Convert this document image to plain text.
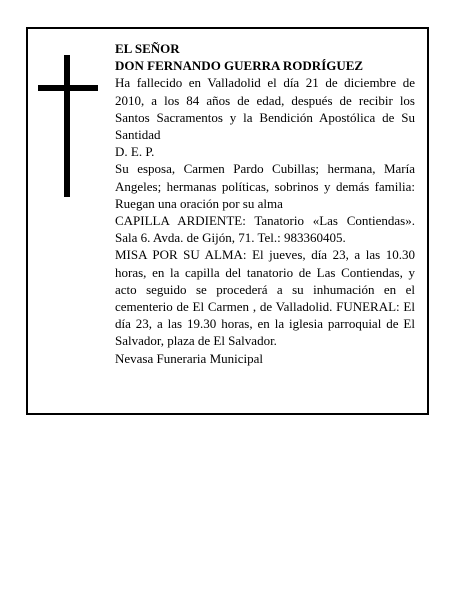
EL SEÑOR

DON FERNANDO GUERRA RODRÍGUEZ

Ha fallecido en Valladolid el día 21 de diciembre de 2010, a los 84 años de edad, después de recibir los Santos Sacramentos y la Bendición Apostólica de Su Santidad

D. E. P.

Su esposa, Carmen Pardo Cubillas; hermana, María Angeles; hermanas políticas, sobrinos y demás familia: Ruegan una oración por su alma

CAPILLA ARDIENTE: Tanatorio «Las Contiendas». Sala 6. Avda. de Gijón, 71. Tel.: 983360405.

MISA POR SU ALMA: El jueves, día 23, a las 10.30 horas, en la capilla del tanatorio de Las Contiendas, y acto seguido se procederá a su inhumación en el cementerio de El Carmen , de Valladolid. FUNERAL: El día 23, a las 19.30 horas, en la iglesia parroquial de El Salvador, plaza de El Salvador.

Nevasa Funeraria Municipal
